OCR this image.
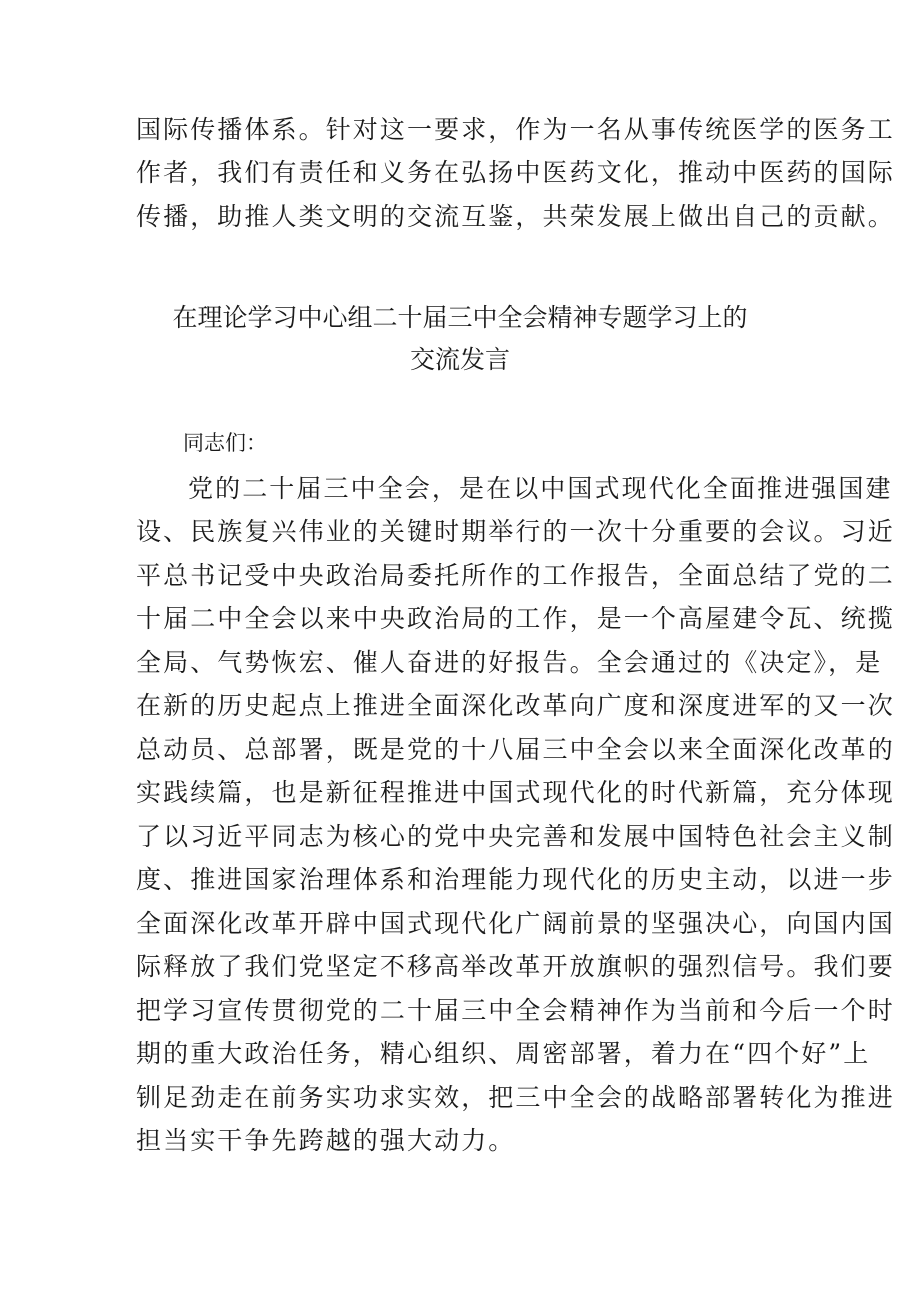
国际传播体系。针对这一要求，作为一名从事传统医学的医务工
作者，我们有责任和义务在弘扬中医药文化，推动中医药的国际
传播，助推人类文明的交流互鉴，共荣发展上做出自己的贡献。
在理论学习中心组二十届三中全会精神专题学习上的
交流发言
同志们：
党的二十届三中全会，是在以中国式现代化全面推进强国建
设、民族复兴伟业的关键时期举行的一次十分重要的会议。习近
平总书记受中央政治局委托所作的工作报告，全面总结了党的二
十届二中全会以来中央政治局的工作，是一个高屋建令瓦、统揽
全局、气势恢宏、催人奋进的好报告。全会通过的《决定》，是
在新的历史起点上推进全面深化改革向广度和深度进军的又一次
总动员、总部署，既是党的十八届三中全会以来全面深化改革的
实践续篇，也是新征程推进中国式现代化的时代新篇，充分体现
了以习近平同志为核心的党中央完善和发展中国特色社会主义制
度、推进国家治理体系和治理能力现代化的历史主动，以进一步
全面深化改革开辟中国式现代化广阔前景的坚强决心，向国内国
际释放了我们党坚定不移高举改革开放旗帜的强烈信号。我们要
把学习宣传贯彻党的二十届三中全会精神作为当前和今后一个时
期的重大政治任务，精心组织、周密部署，着力在“四个好”上
钏足劲走在前务实功求实效，把三中全会的战略部署转化为推进
担当实干争先跨越的强大动力。
